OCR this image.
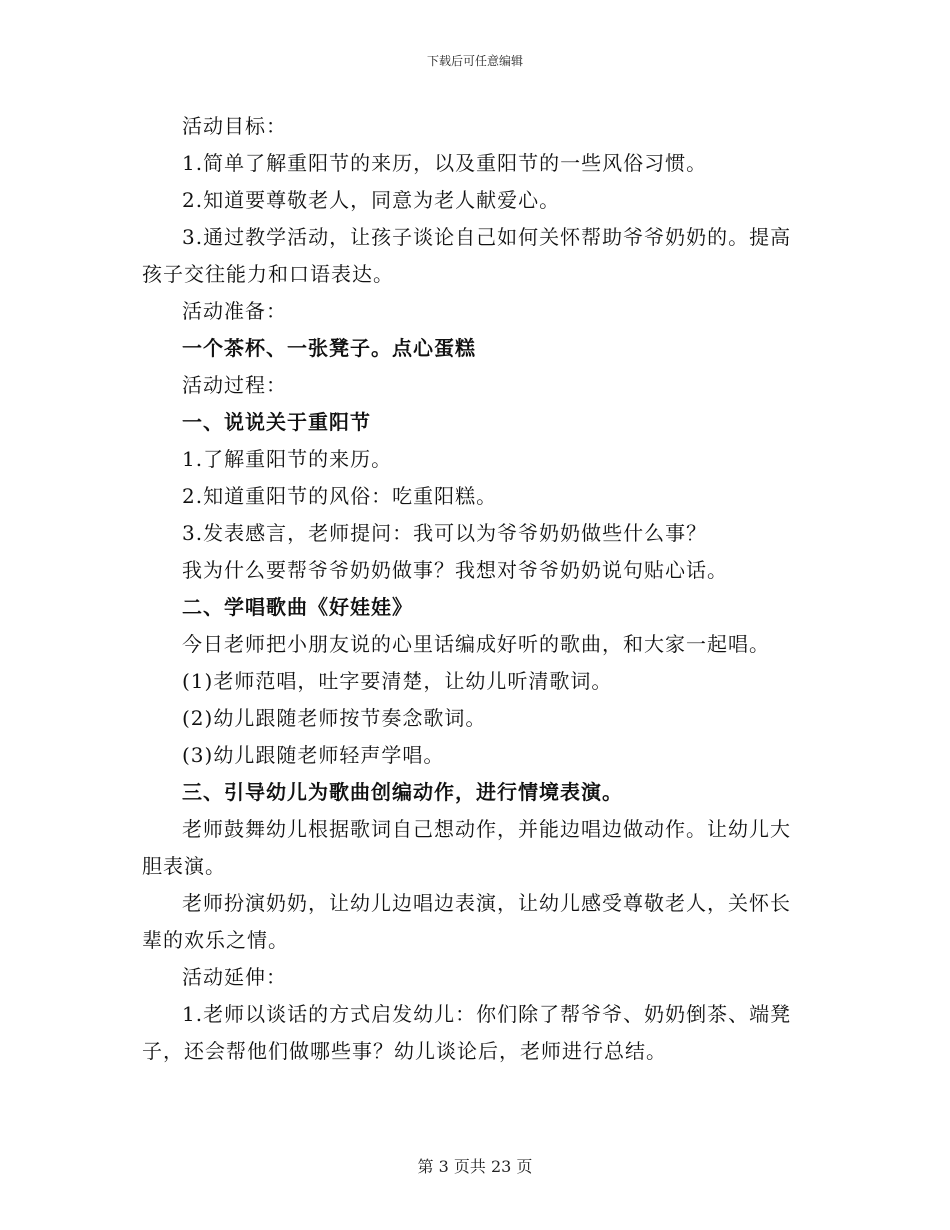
下载后可任意编辑

活动目标：

1.简单了解重阳节的来历，以及重阳节的一些风俗习惯。

2.知道要尊敬老人，同意为老人献爱心。

3.通过教学活动，让孩子谈论自己如何关怀帮助爷爷奶奶的。提高孩子交往能力和口语表达。

活动准备：

一个茶杯、一张凳子。点心蛋糕

活动过程：

一、说说关于重阳节

1.了解重阳节的来历。

2.知道重阳节的风俗：吃重阳糕。

3.发表感言，老师提问：我可以为爷爷奶奶做些什么事？

我为什么要帮爷爷奶奶做事？我想对爷爷奶奶说句贴心话。

二、学唱歌曲《好娃娃》

今日老师把小朋友说的心里话编成好听的歌曲，和大家一起唱。

(1)老师范唱，吐字要清楚，让幼儿听清歌词。

(2)幼儿跟随老师按节奏念歌词。

(3)幼儿跟随老师轻声学唱。

三、引导幼儿为歌曲创编动作，进行情境表演。

老师鼓舞幼儿根据歌词自己想动作，并能边唱边做动作。让幼儿大胆表演。

老师扮演奶奶，让幼儿边唱边表演，让幼儿感受尊敬老人，关怀长辈的欢乐之情。

活动延伸：

1.老师以谈话的方式启发幼儿：你们除了帮爷爷、奶奶倒茶、端凳子，还会帮他们做哪些事？幼儿谈论后，老师进行总结。

第 3 页共 23 页
